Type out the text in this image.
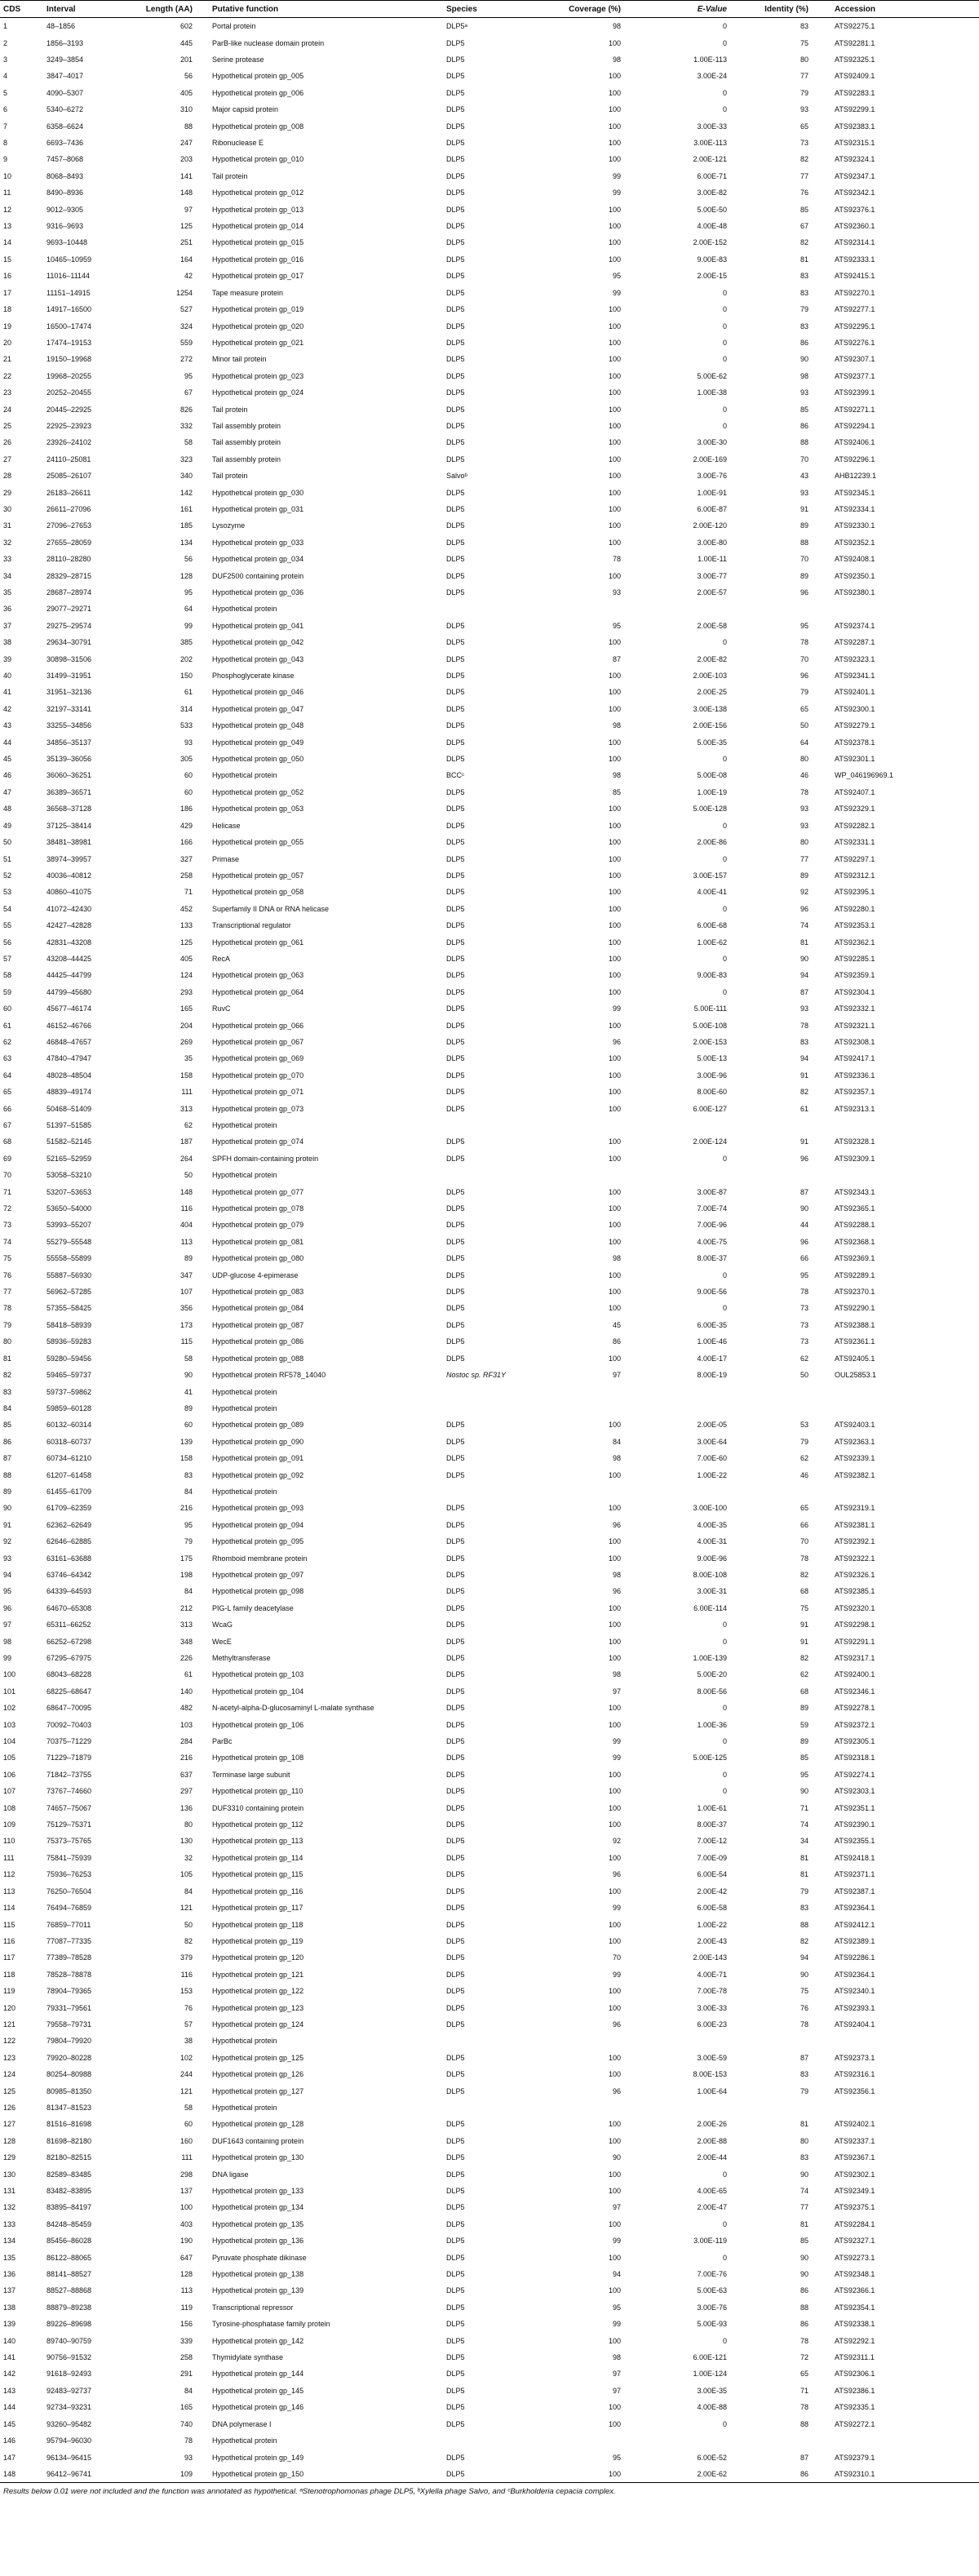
CDS	Interval	Length (AA)	Putative function	Species	Coverage (%)	E-Value	Identity (%)	Accession
1	48–1856	602	Portal protein	DLP5ᵃ	98	0	83	ATS92275.1
2	1856–3193	445	ParB-like nuclease domain protein	DLP5	100	0	75	ATS92281.1
3	3249–3854	201	Serine protease	DLP5	98	1.00E-113	80	ATS92325.1
4	3847–4017	56	Hypothetical protein gp_005	DLP5	100	3.00E-24	77	ATS92409.1
5	4090–5307	405	Hypothetical protein gp_006	DLP5	100	0	79	ATS92283.1
6	5340–6272	310	Major capsid protein	DLP5	100	0	93	ATS92299.1
7	6358–6624	88	Hypothetical protein gp_008	DLP5	100	3.00E-33	65	ATS92383.1
8	6693–7436	247	Ribonuclease E	DLP5	100	3.00E-113	73	ATS92315.1
9	7457–8068	203	Hypothetical protein gp_010	DLP5	100	2.00E-121	82	ATS92324.1
10	8068–8493	141	Tail protein	DLP5	99	6.00E-71	77	ATS92347.1
11	8490–8936	148	Hypothetical protein gp_012	DLP5	99	3.00E-82	76	ATS92342.1
12	9012–9305	97	Hypothetical protein gp_013	DLP5	100	5.00E-50	85	ATS92376.1
13	9316–9693	125	Hypothetical protein gp_014	DLP5	100	4.00E-48	67	ATS92360.1
14	9693–10448	251	Hypothetical protein gp_015	DLP5	100	2.00E-152	82	ATS92314.1
15	10465–10959	164	Hypothetical protein gp_016	DLP5	100	9.00E-83	81	ATS92333.1
16	11016–11144	42	Hypothetical protein gp_017	DLP5	95	2.00E-15	83	ATS92415.1
17	11151–14915	1254	Tape measure protein	DLP5	99	0	83	ATS92270.1
18	14917–16500	527	Hypothetical protein gp_019	DLP5	100	0	79	ATS92277.1
19	16500–17474	324	Hypothetical protein gp_020	DLP5	100	0	83	ATS92295.1
20	17474–19153	559	Hypothetical protein gp_021	DLP5	100	0	86	ATS92276.1
21	19150–19968	272	Minor tail protein	DLP5	100	0	90	ATS92307.1
22	19968–20255	95	Hypothetical protein gp_023	DLP5	100	5.00E-62	98	ATS92377.1
23	20252–20455	67	Hypothetical protein gp_024	DLP5	100	1.00E-38	93	ATS92399.1
24	20445–22925	826	Tail protein	DLP5	100	0	85	ATS92271.1
25	22925–23923	332	Tail assembly protein	DLP5	100	0	86	ATS92294.1
26	23926–24102	58	Tail assembly protein	DLP5	100	3.00E-30	88	ATS92406.1
27	24110–25081	323	Tail assembly protein	DLP5	100	2.00E-169	70	ATS92296.1
28	25085–26107	340	Tail protein	Salvoᵇ	100	3.00E-76	43	AHB12239.1
29	26183–26611	142	Hypothetical protein gp_030	DLP5	100	1.00E-91	93	ATS92345.1
30	26611–27096	161	Hypothetical protein gp_031	DLP5	100	6.00E-87	91	ATS92334.1
31	27096–27653	185	Lysozyme	DLP5	100	2.00E-120	89	ATS92330.1
32	27655–28059	134	Hypothetical protein gp_033	DLP5	100	3.00E-80	88	ATS92352.1
33	28110–28280	56	Hypothetical protein gp_034	DLP5	78	1.00E-11	70	ATS92408.1
34	28329–28715	128	DUF2500 containing protein	DLP5	100	3.00E-77	89	ATS92350.1
35	28687–28974	95	Hypothetical protein gp_036	DLP5	93	2.00E-57	96	ATS92380.1
36	29077–29271	64	Hypothetical protein					
37	29275–29574	99	Hypothetical protein gp_041	DLP5	95	2.00E-58	95	ATS92374.1
38	29634–30791	385	Hypothetical protein gp_042	DLP5	100	0	78	ATS92287.1
39	30898–31506	202	Hypothetical protein gp_043	DLP5	87	2.00E-82	70	ATS92323.1
40	31499–31951	150	Phosphoglycerate kinase	DLP5	100	2.00E-103	96	ATS92341.1
41	31951–32136	61	Hypothetical protein gp_046	DLP5	100	2.00E-25	79	ATS92401.1
42	32197–33141	314	Hypothetical protein gp_047	DLP5	100	3.00E-138	65	ATS92300.1
43	33255–34856	533	Hypothetical protein gp_048	DLP5	98	2.00E-156	50	ATS92279.1
44	34856–35137	93	Hypothetical protein gp_049	DLP5	100	5.00E-35	64	ATS92378.1
45	35139–36056	305	Hypothetical protein gp_050	DLP5	100	0	80	ATS92301.1
46	36060–36251	60	Hypothetical protein	BCCᶜ	98	5.00E-08	46	WP_046196969.1
47	36389–36571	60	Hypothetical protein gp_052	DLP5	85	1.00E-19	78	ATS92407.1
48	36568–37128	186	Hypothetical protein gp_053	DLP5	100	5.00E-128	93	ATS92329.1
49	37125–38414	429	Helicase	DLP5	100	0	93	ATS92282.1
50	38481–38981	166	Hypothetical protein gp_055	DLP5	100	2.00E-86	80	ATS92331.1
51	38974–39957	327	Primase	DLP5	100	0	77	ATS92297.1
52	40036–40812	258	Hypothetical protein gp_057	DLP5	100	3.00E-157	89	ATS92312.1
53	40860–41075	71	Hypothetical protein gp_058	DLP5	100	4.00E-41	92	ATS92395.1
54	41072–42430	452	Superfamily II DNA or RNA helicase	DLP5	100	0	96	ATS92280.1
55	42427–42828	133	Transcriptional regulator	DLP5	100	6.00E-68	74	ATS92353.1
56	42831–43208	125	Hypothetical protein gp_061	DLP5	100	1.00E-62	81	ATS92362.1
57	43208–44425	405	RecA	DLP5	100	0	90	ATS92285.1
58	44425–44799	124	Hypothetical protein gp_063	DLP5	100	9.00E-83	94	ATS92359.1
59	44799–45680	293	Hypothetical protein gp_064	DLP5	100	0	87	ATS92304.1
60	45677–46174	165	RuvC	DLP5	99	5.00E-111	93	ATS92332.1
61	46152–46766	204	Hypothetical protein gp_066	DLP5	100	5.00E-108	78	ATS92321.1
62	46848–47657	269	Hypothetical protein gp_067	DLP5	96	2.00E-153	83	ATS92308.1
63	47840–47947	35	Hypothetical protein gp_069	DLP5	100	5.00E-13	94	ATS92417.1
64	48028–48504	158	Hypothetical protein gp_070	DLP5	100	3.00E-96	91	ATS92336.1
65	48839–49174	111	Hypothetical protein gp_071	DLP5	100	8.00E-60	82	ATS92357.1
66	50468–51409	313	Hypothetical protein gp_073	DLP5	100	6.00E-127	61	ATS92313.1
67	51397–51585	62	Hypothetical protein					
68	51582–52145	187	Hypothetical protein gp_074	DLP5	100	2.00E-124	91	ATS92328.1
69	52165–52959	264	SPFH domain-containing protein	DLP5	100	0	96	ATS92309.1
70	53058–53210	50	Hypothetical protein					
71	53207–53653	148	Hypothetical protein gp_077	DLP5	100	3.00E-87	87	ATS92343.1
72	53650–54000	116	Hypothetical protein gp_078	DLP5	100	7.00E-74	90	ATS92365.1
73	53993–55207	404	Hypothetical protein gp_079	DLP5	100	7.00E-96	44	ATS92288.1
74	55279–55548	113	Hypothetical protein gp_081	DLP5	100	4.00E-75	96	ATS92368.1
75	55558–55899	89	Hypothetical protein gp_080	DLP5	98	8.00E-37	66	ATS92369.1
76	55887–56930	347	UDP-glucose 4-epimerase	DLP5	100	0	95	ATS92289.1
77	56962–57285	107	Hypothetical protein gp_083	DLP5	100	9.00E-56	78	ATS92370.1
78	57355–58425	356	Hypothetical protein gp_084	DLP5	100	0	73	ATS92290.1
79	58418–58939	173	Hypothetical protein gp_087	DLP5	45	6.00E-35	73	ATS92388.1
80	58936–59283	115	Hypothetical protein gp_086	DLP5	86	1.00E-46	73	ATS92361.1
81	59280–59456	58	Hypothetical protein gp_088	DLP5	100	4.00E-17	62	ATS92405.1
82	59465–59737	90	Hypothetical protein RF578_14040	Nostoc sp. RF31Y	97	8.00E-19	50	OUL25853.1
83	59737–59862	41	Hypothetical protein					
84	59859–60128	89	Hypothetical protein					
85	60132–60314	60	Hypothetical protein gp_089	DLP5	100	2.00E-05	53	ATS92403.1
86	60318–60737	139	Hypothetical protein gp_090	DLP5	84	3.00E-64	79	ATS92363.1
87	60734–61210	158	Hypothetical protein gp_091	DLP5	98	7.00E-60	62	ATS92339.1
88	61207–61458	83	Hypothetical protein gp_092	DLP5	100	1.00E-22	46	ATS92382.1
89	61455–61709	84	Hypothetical protein					
90	61709–62359	216	Hypothetical protein gp_093	DLP5	100	3.00E-100	65	ATS92319.1
91	62362–62649	95	Hypothetical protein gp_094	DLP5	96	4.00E-35	66	ATS92381.1
92	62646–62885	79	Hypothetical protein gp_095	DLP5	100	4.00E-31	70	ATS92392.1
93	63161–63688	175	Rhomboid membrane protein	DLP5	100	9.00E-96	78	ATS92322.1
94	63746–64342	198	Hypothetical protein gp_097	DLP5	98	8.00E-108	82	ATS92326.1
95	64339–64593	84	Hypothetical protein gp_098	DLP5	96	3.00E-31	68	ATS92385.1
96	64670–65308	212	PIG-L family deacetylase	DLP5	100	6.00E-114	75	ATS92320.1
97	65311–66252	313	WcaG	DLP5	100	0	91	ATS92298.1
98	66252–67298	348	WecE	DLP5	100	0	91	ATS92291.1
99	67295–67975	226	Methyltransferase	DLP5	100	1.00E-139	82	ATS92317.1
100	68043–68228	61	Hypothetical protein gp_103	DLP5	98	5.00E-20	62	ATS92400.1
101	68225–68647	140	Hypothetical protein gp_104	DLP5	97	8.00E-56	68	ATS92346.1
102	68647–70095	482	N-acetyl-alpha-D-glucosaminyl L-malate synthase	DLP5	100	0	89	ATS92278.1
103	70092–70403	103	Hypothetical protein gp_106	DLP5	100	1.00E-36	59	ATS92372.1
104	70375–71229	284	ParBc	DLP5	99	0	89	ATS92305.1
105	71229–71879	216	Hypothetical protein gp_108	DLP5	99	5.00E-125	85	ATS92318.1
106	71842–73755	637	Terminase large subunit	DLP5	100	0	95	ATS92274.1
107	73767–74660	297	Hypothetical protein gp_110	DLP5	100	0	90	ATS92303.1
108	74657–75067	136	DUF3310 containing protein	DLP5	100	1.00E-61	71	ATS92351.1
109	75129–75371	80	Hypothetical protein gp_112	DLP5	100	8.00E-37	74	ATS92390.1
110	75373–75765	130	Hypothetical protein gp_113	DLP5	92	7.00E-12	34	ATS92355.1
111	75841–75939	32	Hypothetical protein gp_114	DLP5	100	7.00E-09	81	ATS92418.1
112	75936–76253	105	Hypothetical protein gp_115	DLP5	96	6.00E-54	81	ATS92371.1
113	76250–76504	84	Hypothetical protein gp_116	DLP5	100	2.00E-42	79	ATS92387.1
114	76494–76859	121	Hypothetical protein gp_117	DLP5	99	6.00E-58	83	ATS92364.1
115	76859–77011	50	Hypothetical protein gp_118	DLP5	100	1.00E-22	88	ATS92412.1
116	77087–77335	82	Hypothetical protein gp_119	DLP5	100	2.00E-43	82	ATS92389.1
117	77389–78528	379	Hypothetical protein gp_120	DLP5	70	2.00E-143	94	ATS92286.1
118	78528–78878	116	Hypothetical protein gp_121	DLP5	99	4.00E-71	90	ATS92364.1
119	78904–79365	153	Hypothetical protein gp_122	DLP5	100	7.00E-78	75	ATS92340.1
120	79331–79561	76	Hypothetical protein gp_123	DLP5	100	3.00E-33	76	ATS92393.1
121	79558–79731	57	Hypothetical protein gp_124	DLP5	96	6.00E-23	78	ATS92404.1
122	79804–79920	38	Hypothetical protein					
123	79920–80228	102	Hypothetical protein gp_125	DLP5	100	3.00E-59	87	ATS92373.1
124	80254–80988	244	Hypothetical protein gp_126	DLP5	100	8.00E-153	83	ATS92316.1
125	80985–81350	121	Hypothetical protein gp_127	DLP5	96	1.00E-64	79	ATS92356.1
126	81347–81523	58	Hypothetical protein					
127	81516–81698	60	Hypothetical protein gp_128	DLP5	100	2.00E-26	81	ATS92402.1
128	81698–82180	160	DUF1643 containing protein	DLP5	100	2.00E-88	80	ATS92337.1
129	82180–82515	111	Hypothetical protein gp_130	DLP5	90	2.00E-44	83	ATS92367.1
130	82589–83485	298	DNA ligase	DLP5	100	0	90	ATS92302.1
131	83482–83895	137	Hypothetical protein gp_133	DLP5	100	4.00E-65	74	ATS92349.1
132	83895–84197	100	Hypothetical protein gp_134	DLP5	97	2.00E-47	77	ATS92375.1
133	84248–85459	403	Hypothetical protein gp_135	DLP5	100	0	81	ATS92284.1
134	85456–86028	190	Hypothetical protein gp_136	DLP5	99	3.00E-119	85	ATS92327.1
135	86122–88065	647	Pyruvate phosphate dikinase	DLP5	100	0	90	ATS92273.1
136	88141–88527	128	Hypothetical protein gp_138	DLP5	94	7.00E-76	90	ATS92348.1
137	88527–88868	113	Hypothetical protein gp_139	DLP5	100	5.00E-63	86	ATS92366.1
138	88879–89238	119	Transcriptional repressor	DLP5	95	3.00E-76	88	ATS92354.1
139	89226–89698	156	Tyrosine-phosphatase family protein	DLP5	99	5.00E-93	86	ATS92338.1
140	89740–90759	339	Hypothetical protein gp_142	DLP5	100	0	78	ATS92292.1
141	90756–91532	258	Thymidylate synthase	DLP5	98	6.00E-121	72	ATS92311.1
142	91618–92493	291	Hypothetical protein gp_144	DLP5	97	1.00E-124	65	ATS92306.1
143	92483–92737	84	Hypothetical protein gp_145	DLP5	97	3.00E-35	71	ATS92386.1
144	92734–93231	165	Hypothetical protein gp_146	DLP5	100	4.00E-88	78	ATS92335.1
145	93260–95482	740	DNA polymerase I	DLP5	100	0	88	ATS92272.1
146	95794–96030	78	Hypothetical protein					
147	96134–96415	93	Hypothetical protein gp_149	DLP5	95	6.00E-52	87	ATS92379.1
148	96412–96741	109	Hypothetical protein gp_150	DLP5	100	2.00E-62	86	ATS92310.1
Results below 0.01 were not included and the function was annotated as hypothetical. ᵃStenotrophomonas phage DLP5, ᵇXylella phage Salvo, and ᶜBurkholderia cepacia complex.
